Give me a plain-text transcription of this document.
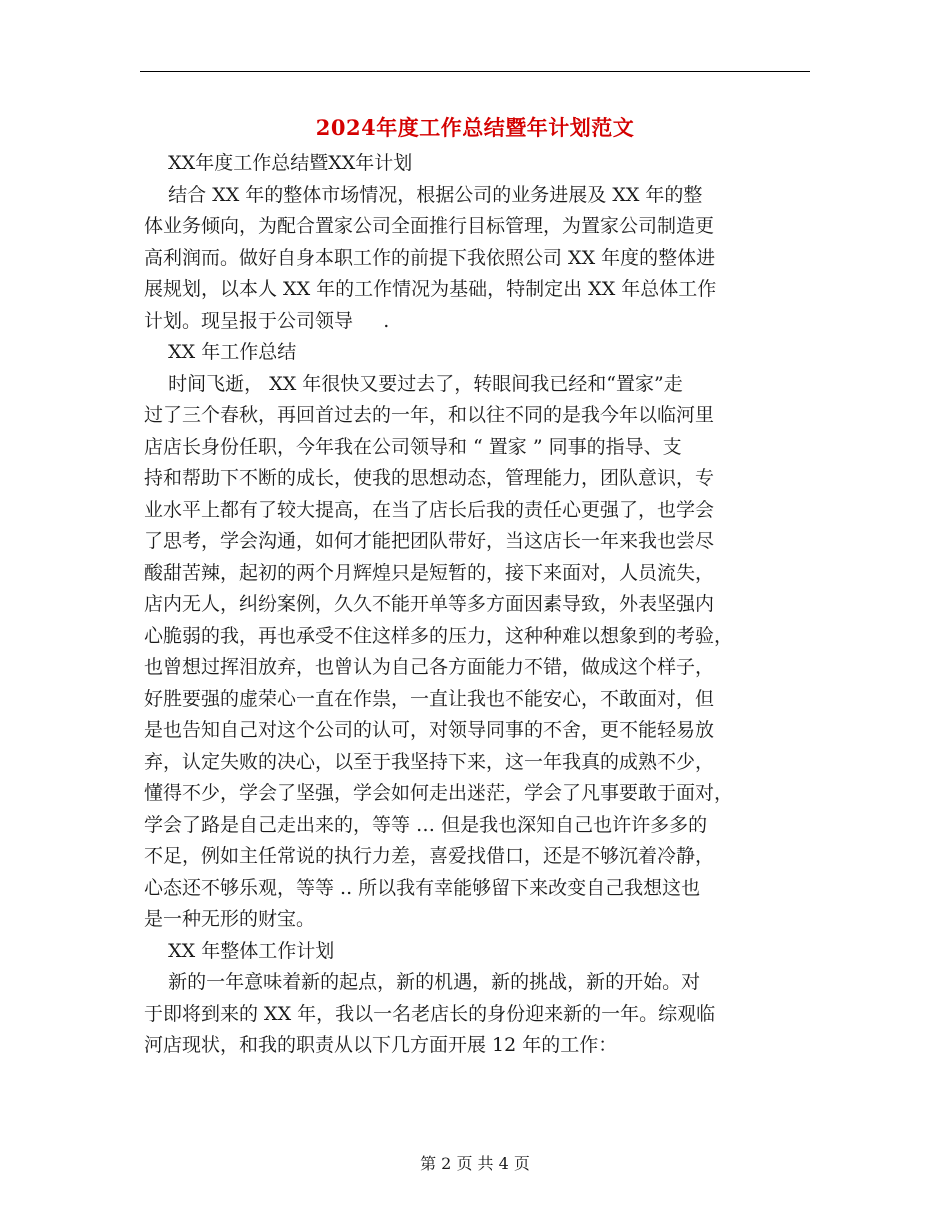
2024年度工作总结暨年计划范文
XX年度工作总结暨XX年计划
结合 XX 年的整体市场情况，根据公司的业务进展及 XX 年的整
体业务倾向，为配合置家公司全面推行目标管理，为置家公司制造更
高利润而。做好自身本职工作的前提下我依照公司 XX 年度的整体进
展规划，以本人 XX 年的工作情况为基础，特制定出 XX 年总体工作
计划。现呈报于公司领导     .
XX 年工作总结
时间飞逝， XX 年很快又要过去了，转眼间我已经和“置家”走
过了三个春秋，再回首过去的一年，和以往不同的是我今年以临河里
店店长身份任职，今年我在公司领导和 “ 置家 ” 同事的指导、支
持和帮助下不断的成长，使我的思想动态，管理能力，团队意识，专
业水平上都有了较大提高，在当了店长后我的责任心更强了，也学会
了思考，学会沟通，如何才能把团队带好，当这店长一年来我也尝尽
酸甜苦辣，起初的两个月辉煌只是短暂的，接下来面对，人员流失，
店内无人，纠纷案例，久久不能开单等多方面因素导致，外表坚强内
心脆弱的我，再也承受不住这样多的压力，这种种难以想象到的考验，
也曾想过挥泪放弃，也曾认为自己各方面能力不错，做成这个样子，
好胜要强的虚荣心一直在作祟，一直让我也不能安心，不敢面对，但
是也告知自己对这个公司的认可，对领导同事的不舍，更不能轻易放
弃，认定失败的决心，以至于我坚持下来，这一年我真的成熟不少，
懂得不少，学会了坚强，学会如何走出迷茫，学会了凡事要敢于面对，
学会了路是自己走出来的，等等 … 但是我也深知自己也许许多多的
不足，例如主任常说的执行力差，喜爱找借口，还是不够沉着冷静，
心态还不够乐观，等等 .. 所以我有幸能够留下来改变自己我想这也
是一种无形的财宝。
XX 年整体工作计划
新的一年意味着新的起点，新的机遇，新的挑战，新的开始。对
于即将到来的 XX 年，我以一名老店长的身份迎来新的一年。综观临
河店现状，和我的职责从以下几方面开展 12 年的工作：
第 2 页 共 4 页
